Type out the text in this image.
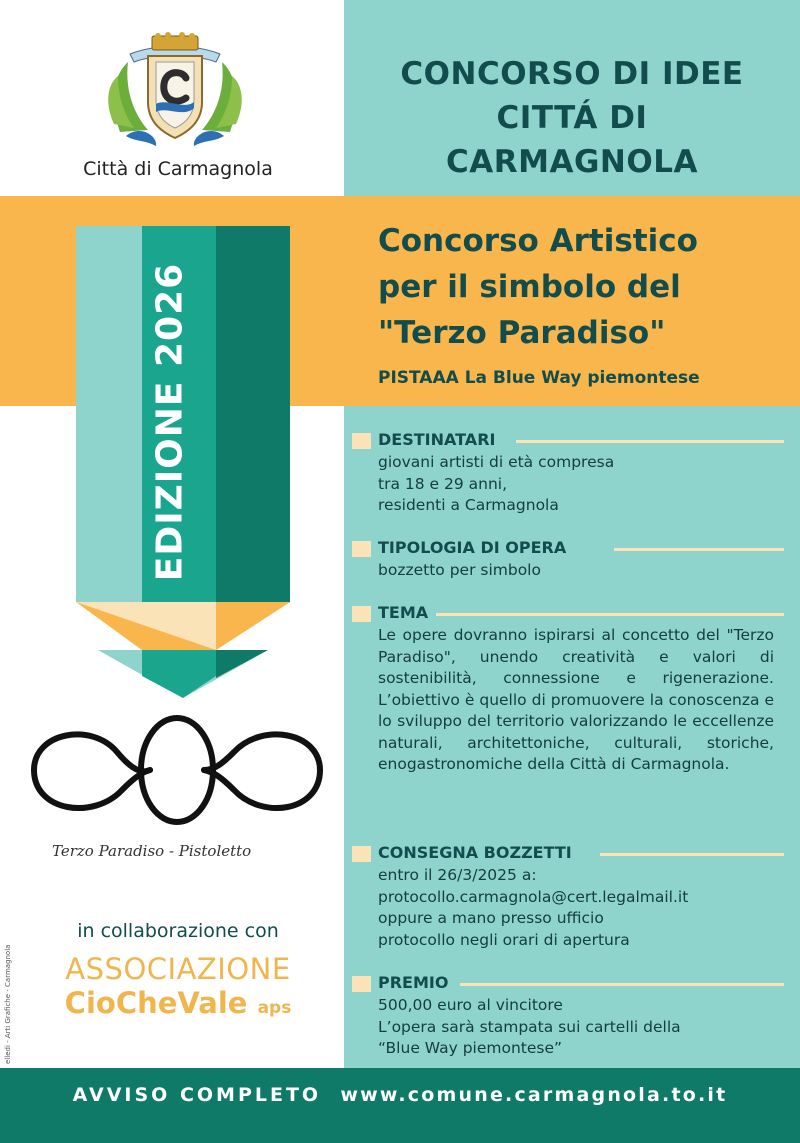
Città di Carmagnola
CONCORSO DI IDEE
CITTÁ DI
CARMAGNOLA
Concorso Artistico
per il simbolo del
"Terzo Paradiso"
PISTAAA La Blue Way piemontese
EDIZIONE 2026
Terzo Paradiso - Pistoletto
in collaborazione con
ASSOCIAZIONE
CioCheVale aps
elledi - Arti Grafiche - Carmagnola
DESTINATARI
giovani artisti di età compresa
tra 18 e 29 anni,
residenti a Carmagnola
TIPOLOGIA DI OPERA
bozzetto per simbolo
TEMA
Le opere dovranno ispirarsi al concetto del "Terzo Paradiso", unendo creatività e valori di sostenibilità, connessione e rigenerazione. L’obiettivo è quello di promuovere la conoscenza e lo sviluppo del territorio valorizzando le eccellenze naturali, architettoniche, culturali, storiche, enogastronomiche della Città di Carmagnola.
CONSEGNA BOZZETTI
entro il 26/3/2025 a:
protocollo.carmagnola@cert.legalmail.it
oppure a mano presso ufficio
protocollo negli orari di apertura
PREMIO
500,00 euro al vincitore
L’opera sarà stampata sui cartelli della
“Blue Way piemontese”
AVVISO COMPLETO www.comune.carmagnola.to.it
